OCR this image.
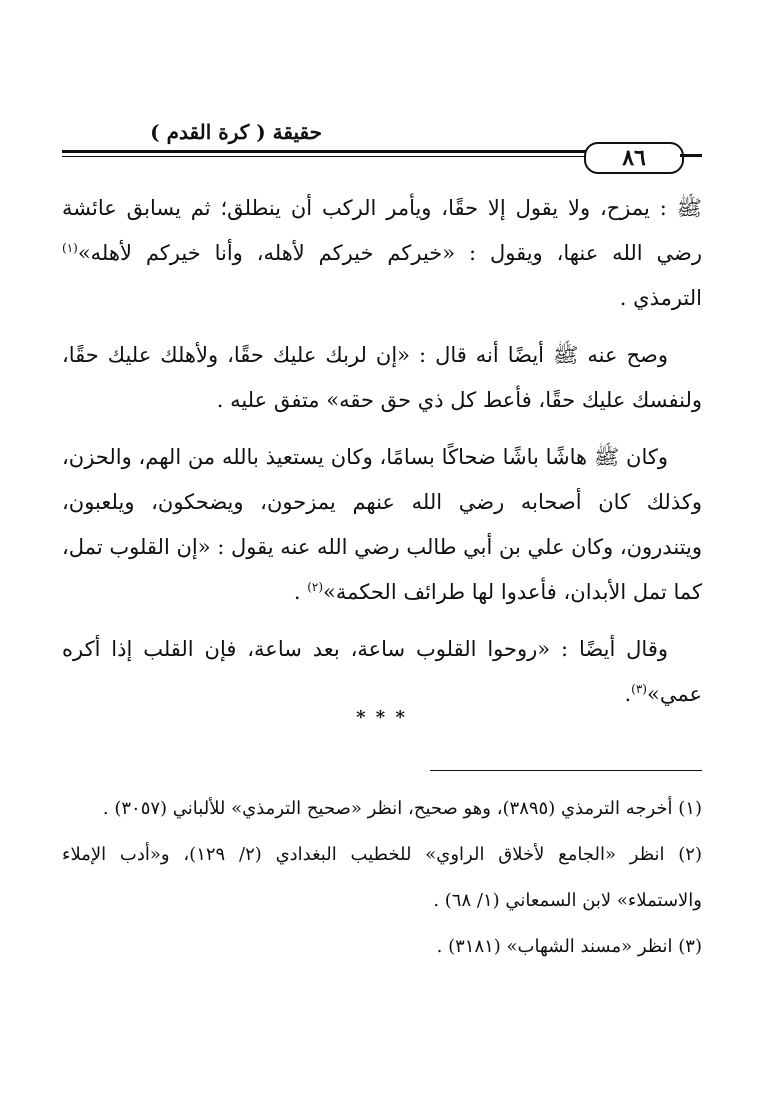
حقيقة ( كرة القدم )
٨٦

ﷺ : يمزح، ولا يقول إلا حقًا، ويأمر الركب أن ينطلق؛ ثم يسابق عائشة رضي الله عنها، ويقول : «خيركم خيركم لأهله، وأنا خيركم لأهله»$^{(١)}$ الترمذي .

وصح عنه ﷺ أيضًا أنه قال : «إن لربك عليك حقًا، ولأهلك عليك حقًا، ولنفسك عليك حقًا، فأعط كل ذي حق حقه» متفق عليه .

وكان ﷺ هاشًا باشًا ضحاكًا بسامًا، وكان يستعيذ بالله من الهم، والحزن، وكذلك كان أصحابه رضي الله عنهم يمزحون، ويضحكون، ويلعبون، ويتندرون، وكان علي بن أبي طالب رضي الله عنه يقول : «إن القلوب تمل، كما تمل الأبدان، فأعدوا لها طرائف الحكمة»$^{(٢)}$ .

وقال أيضًا : «روحوا القلوب ساعة، بعد ساعة، فإن القلب إذا أكره عمي»$^{(٣)}$.

* * *

(١) أخرجه الترمذي (٣٨٩٥)، وهو صحيح، انظر «صحيح الترمذي» للألباني (٣٠٥٧) .

(٢) انظر «الجامع لأخلاق الراوي» للخطيب البغدادي (٢/ ١٢٩)، و«أدب الإملاء والاستملاء» لابن السمعاني (١/ ٦٨) .

(٣) انظر «مسند الشهاب» (٣١٨١) .
